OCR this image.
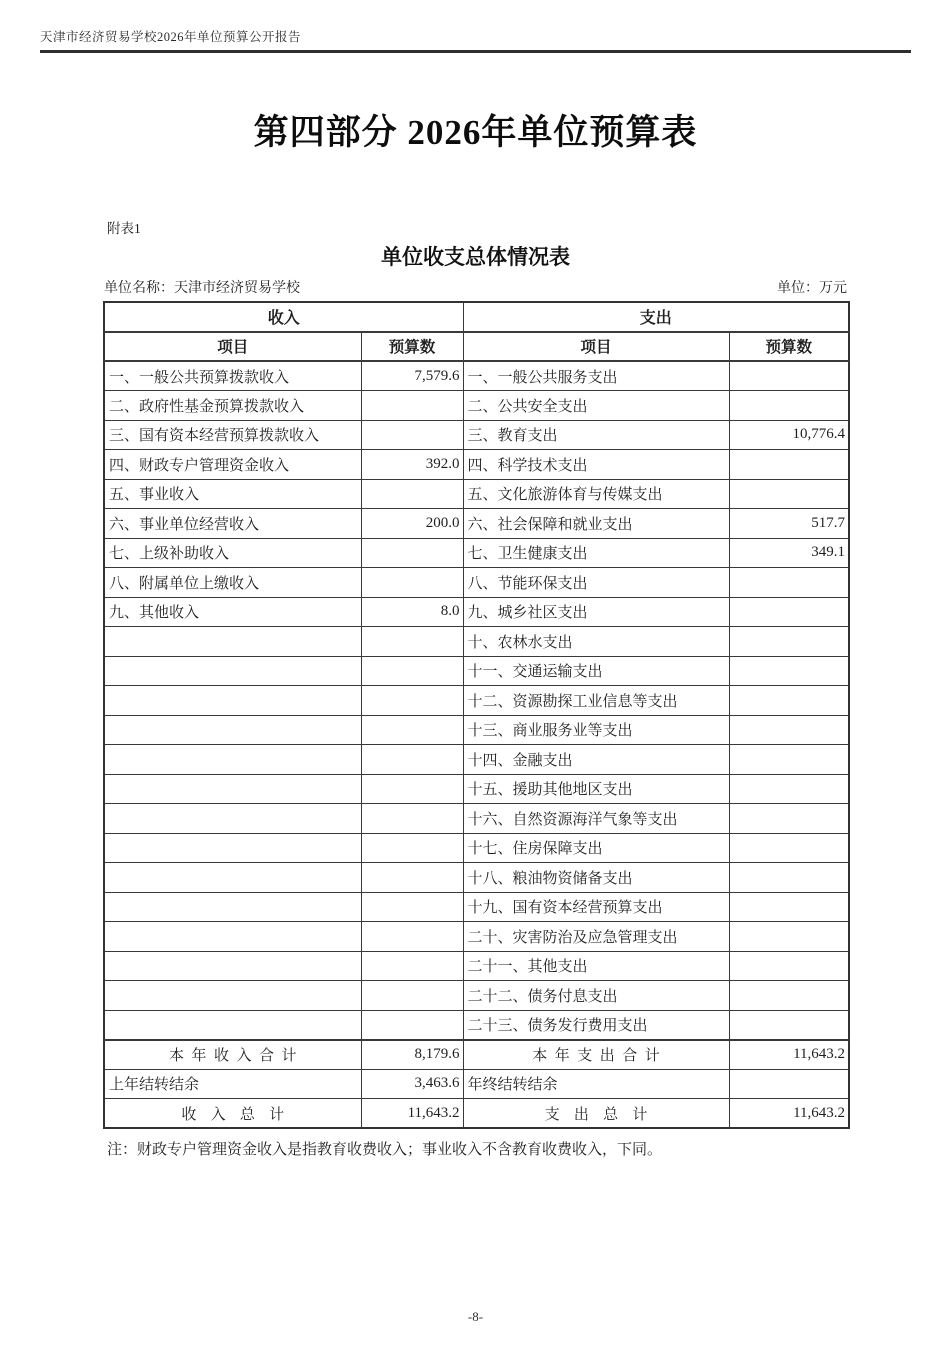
天津市经济贸易学校2026年单位预算公开报告
第四部分 2026年单位预算表
附表1
单位收支总体情况表
单位名称：天津市经济贸易学校	单位：万元
收入		支出	
项目	预算数	项目	预算数
一、一般公共预算拨款收入	7,579.6	一、一般公共服务支出	
二、政府性基金预算拨款收入		二、公共安全支出	
三、国有资本经营预算拨款收入		三、教育支出	10,776.4
四、财政专户管理资金收入	392.0	四、科学技术支出	
五、事业收入		五、文化旅游体育与传媒支出	
六、事业单位经营收入	200.0	六、社会保障和就业支出	517.7
七、上级补助收入		七、卫生健康支出	349.1
八、附属单位上缴收入		八、节能环保支出	
九、其他收入	8.0	九、城乡社区支出	
		十、农林水支出	
		十一、交通运输支出	
		十二、资源勘探工业信息等支出	
		十三、商业服务业等支出	
		十四、金融支出	
		十五、援助其他地区支出	
		十六、自然资源海洋气象等支出	
		十七、住房保障支出	
		十八、粮油物资储备支出	
		十九、国有资本经营预算支出	
		二十、灾害防治及应急管理支出	
		二十一、其他支出	
		二十二、债务付息支出	
		二十三、债务发行费用支出	
本年收入合计	8,179.6	本年支出合计	11,643.2
上年结转结余	3,463.6	年终结转结余	
收入总计	11,643.2	支出总计	11,643.2
注：财政专户管理资金收入是指教育收费收入；事业收入不含教育收费收入，下同。
-8-
